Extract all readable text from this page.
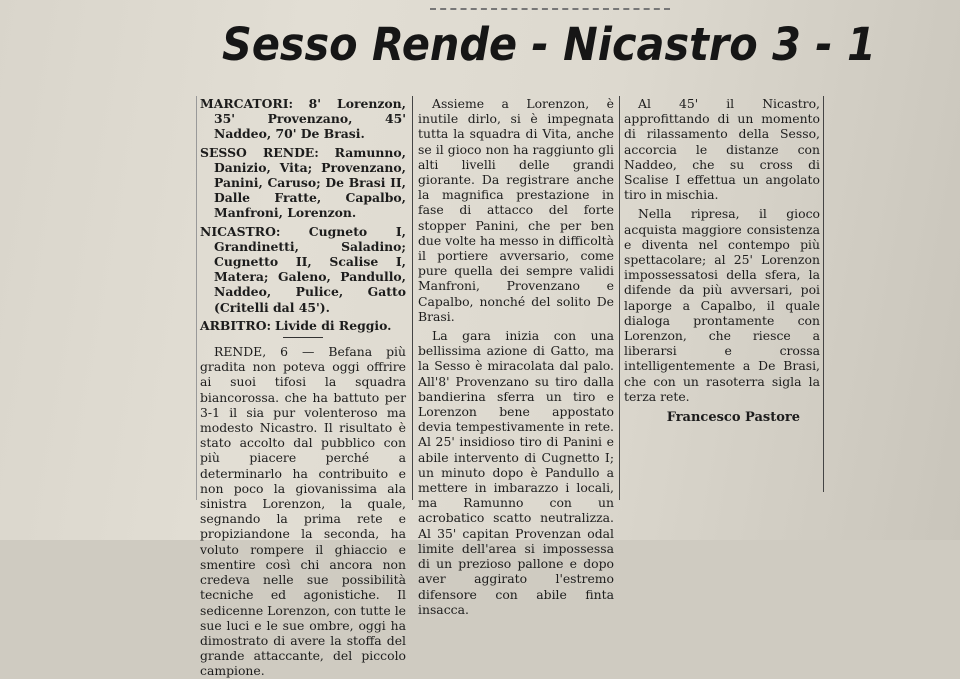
Sesso Rende - Nicastro 3 - 1
MARCATORI: 8' Lorenzon, 35' Provenzano, 45' Naddeo, 70' De Brasi.
SESSO RENDE: Ramunno, Danizio, Vita; Provenzano, Panini, Caruso; De Brasi II, Dalle Fratte, Capalbo, Manfroni, Lorenzon.
NICASTRO: Cugneto I, Grandinetti, Saladino; Cugnetto II, Scalise I, Matera; Galeno, Pandullo, Naddeo, Pulice, Gatto (Critelli dal 45').
ARBITRO: Livide di Reggio.

RENDE, 6 — Befana più gradita non poteva oggi offrire ai suoi tifosi la squadra biancorossa. che ha battuto per 3-1 il sia pur volenteroso ma modesto Nicastro. Il risultato è stato accolto dal pubblico con più piacere perché a determinarlo ha contribuito e non poco la giovanissima ala sinistra Lorenzon, la quale, segnando la prima rete e propiziandone la seconda, ha voluto rompere il ghiaccio e smentire così chi ancora non credeva nelle sue possibilità tecniche ed agonistiche. Il sedicenne Lorenzon, con tutte le sue luci e le sue ombre, oggi ha dimostrato di avere la stoffa del grande attaccante, del piccolo campione.

Assieme a Lorenzon, è inutile dirlo, si è impegnata tutta la squadra di Vita, anche se il gioco non ha raggiunto gli alti livelli delle grandi giorante. Da registrare anche la magnifica prestazione in fase di attacco del forte stopper Panini, che per ben due volte ha messo in difficoltà il portiere avversario, come pure quella dei sempre validi Manfroni, Provenzano e Capalbo, nonché del solito De Brasi.

La gara inizia con una bellissima azione di Gatto, ma la Sesso è miracolata dal palo. All'8' Provenzano su tiro dalla bandierina sferra un tiro e Lorenzon bene appostato devia tempestivamente in rete. Al 25' insidioso tiro di Panini e abile intervento di Cugnetto I; un minuto dopo è Pandullo a mettere in imbarazzo i locali, ma Ramunno con un acrobatico scatto neutralizza. Al 35' capitan Provenzan odal limite dell'area si impossessa di un prezioso pallone e dopo aver aggirato l'estremo difensore con abile finta insacca.

Al 45' il Nicastro, approfittando di un momento di rilassamento della Sesso, accorcia le distanze con Naddeo, che su cross di Scalise I effettua un angolato tiro in mischia.

Nella ripresa, il gioco acquista maggiore consistenza e diventa nel contempo più spettacolare; al 25' Lorenzon impossessatosi della sfera, la difende da più avversari, poi laporge a Capalbo, il quale dialoga prontamente con Lorenzon, che riesce a liberarsi e crossa intelligentemente a De Brasi, che con un rasoterra sigla la terza rete.

Francesco Pastore
